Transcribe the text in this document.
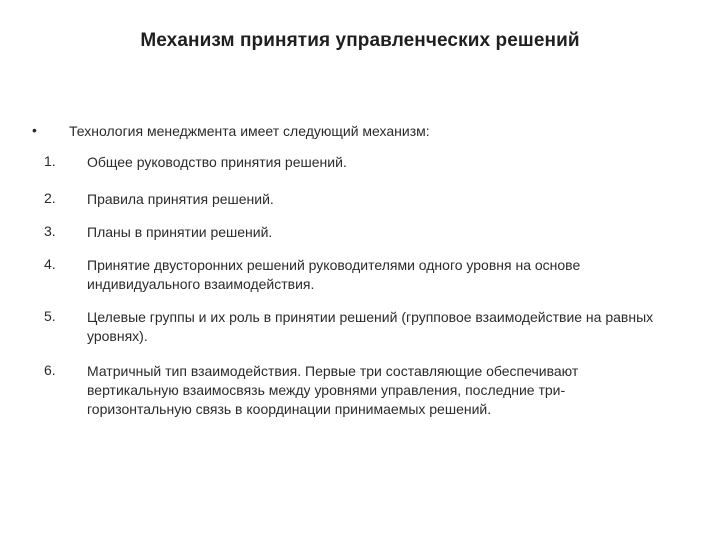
Механизм принятия управленческих решений
• Технология менеджмента имеет следующий механизм:
1. Общее руководство принятия решений.
2. Правила принятия решений.
3. Планы в принятии решений.
4. Принятие двусторонних решений руководителями одного уровня на основе индивидуального взаимодействия.
5. Целевые группы и их роль в принятии решений (групповое взаимодействие на равных уровнях).
6. Матричный тип взаимодействия. Первые три составляющие обеспечивают вертикальную взаимосвязь между уровнями управления, последние три- горизонтальную связь в координации принимаемых решений.
